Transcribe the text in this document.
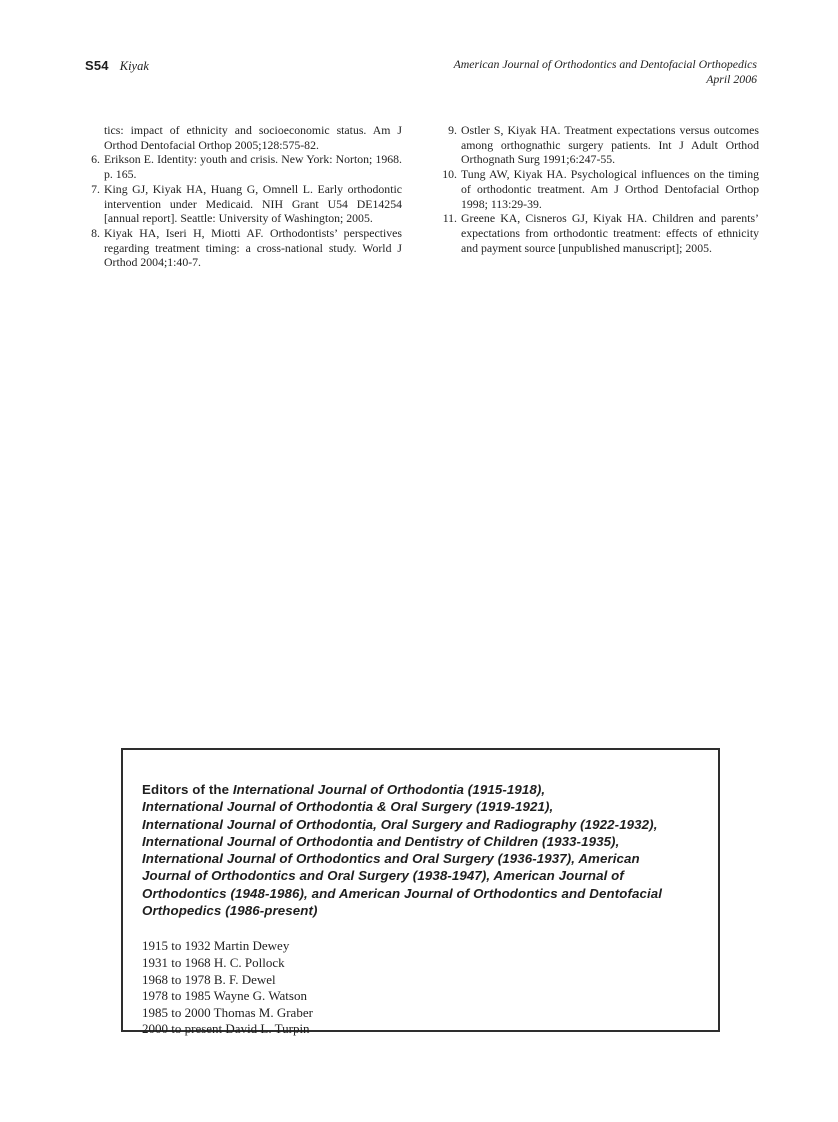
S54 Kiyak	American Journal of Orthodontics and Dentofacial Orthopedics
April 2006
tics: impact of ethnicity and socioeconomic status. Am J Orthod Dentofacial Orthop 2005;128:575-82.
6. Erikson E. Identity: youth and crisis. New York: Norton; 1968. p. 165.
7. King GJ, Kiyak HA, Huang G, Omnell L. Early orthodontic intervention under Medicaid. NIH Grant U54 DE14254 [annual report]. Seattle: University of Washington; 2005.
8. Kiyak HA, Iseri H, Miotti AF. Orthodontists’ perspectives regarding treatment timing: a cross-national study. World J Orthod 2004;1:40-7.
9. Ostler S, Kiyak HA. Treatment expectations versus outcomes among orthognathic surgery patients. Int J Adult Orthod Orthognath Surg 1991;6:247-55.
10. Tung AW, Kiyak HA. Psychological influences on the timing of orthodontic treatment. Am J Orthod Dentofacial Orthop 1998; 113:29-39.
11. Greene KA, Cisneros GJ, Kiyak HA. Children and parents’ expectations from orthodontic treatment: effects of ethnicity and payment source [unpublished manuscript]; 2005.
Editors of the International Journal of Orthodontia (1915-1918),
International Journal of Orthodontia & Oral Surgery (1919-1921),
International Journal of Orthodontia, Oral Surgery and Radiography (1922-1932),
International Journal of Orthodontia and Dentistry of Children (1933-1935),
International Journal of Orthodontics and Oral Surgery (1936-1937), American
Journal of Orthodontics and Oral Surgery (1938-1947), American Journal of
Orthodontics (1948-1986), and American Journal of Orthodontics and Dentofacial
Orthopedics (1986-present)
1915 to 1932 Martin Dewey
1931 to 1968 H. C. Pollock
1968 to 1978 B. F. Dewel
1978 to 1985 Wayne G. Watson
1985 to 2000 Thomas M. Graber
2000 to present David L. Turpin
